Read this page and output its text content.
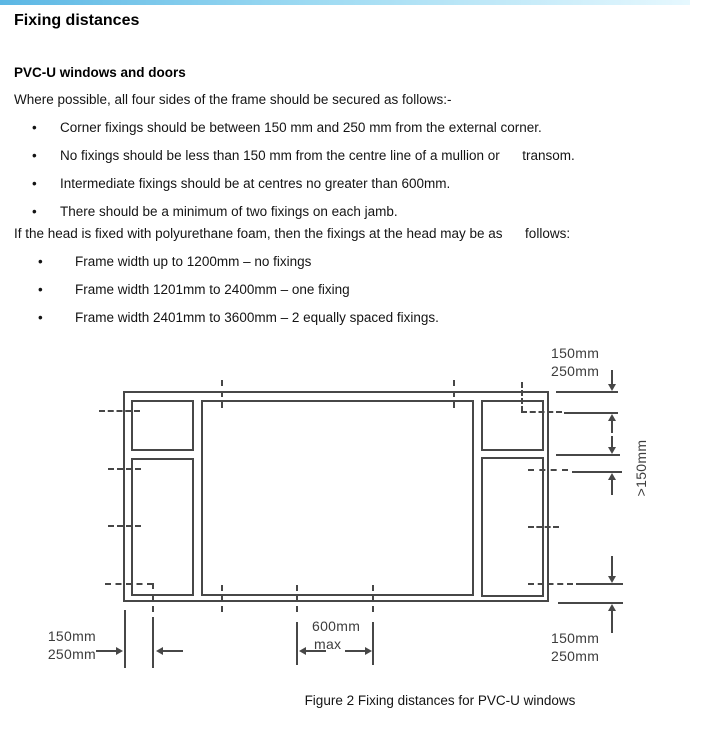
Fixing distances
PVC-U windows and doors
Where possible, all four sides of the frame should be secured as follows:-
• Corner fixings should be between 150 mm and 250 mm from the external corner.
• No fixings should be less than 150 mm from the centre line of a mullion or      transom.
• Intermediate fixings should be at centres no greater than 600mm.
• There should be a minimum of two fixings on each jamb.
If the head is fixed with polyurethane foam, then the fixings at the head may be as      follows:
• Frame width up to 1200mm – no fixings
• Frame width 1201mm to 2400mm – one fixing
• Frame width 2401mm to 3600mm – 2 equally spaced fixings.
150mm
250mm
>150mm
150mm
250mm
600mm
max	150mm
250mm
Figure 2 Fixing distances for PVC-U windows
